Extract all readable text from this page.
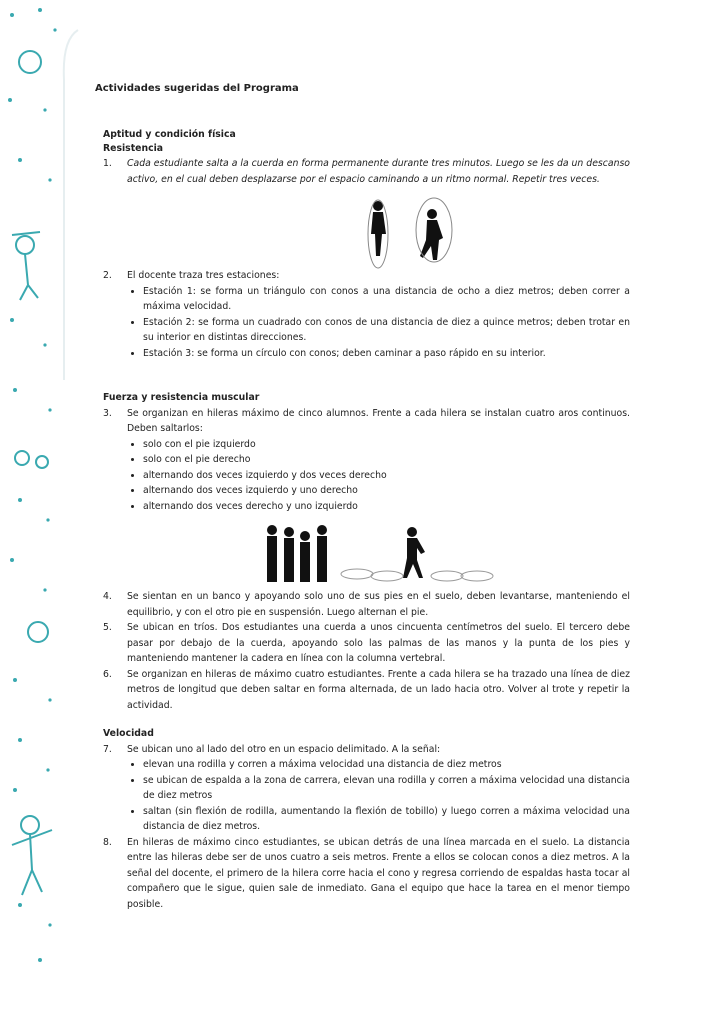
Actividades sugeridas del Programa

Aptitud y condición física

Resistencia

1.	Cada estudiante salta a la cuerda en forma permanente durante tres minutos. Luego se les da un descanso activo, en el cual deben desplazarse por el espacio caminando a un ritmo normal. Repetir tres veces.
2.	El docente traza tres estaciones:
• Estación 1: se forma un triángulo con conos a una distancia de ocho a diez metros; deben correr a máxima velocidad.
• Estación 2: se forma un cuadrado con conos de una distancia de diez a quince metros; deben trotar en su interior en distintas direcciones.
• Estación 3: se forma un círculo con conos; deben caminar a paso rápido en su interior.

Fuerza y resistencia muscular

3.	Se organizan en hileras máximo de cinco alumnos. Frente a cada hilera se instalan cuatro aros continuos. Deben saltarlos:
• solo con el pie izquierdo
• solo con el pie derecho
• alternando dos veces izquierdo y dos veces derecho
• alternando dos veces izquierdo y uno derecho
• alternando dos veces derecho y uno izquierdo
4.	Se sientan en un banco y apoyando solo uno de sus pies en el suelo, deben levantarse, manteniendo el equilibrio, y con el otro pie en suspensión. Luego alternan el pie.
5.	Se ubican en tríos. Dos estudiantes una cuerda a unos cincuenta centímetros del suelo. El tercero debe pasar por debajo de la cuerda, apoyando solo las palmas de las manos y la punta de los pies y manteniendo mantener la cadera en línea con la columna vertebral.
6.	Se organizan en hileras de máximo cuatro estudiantes. Frente a cada hilera se ha trazado una línea de diez metros de longitud que deben saltar en forma alternada, de un lado hacia otro. Volver al trote y repetir la actividad.

Velocidad

7.	Se ubican uno al lado del otro en un espacio delimitado. A la señal:
• elevan una rodilla y corren a máxima velocidad una distancia de diez metros
• se ubican de espalda a la zona de carrera, elevan una rodilla y corren a máxima velocidad una distancia de diez metros
• saltan (sin flexión de rodilla, aumentando la flexión de tobillo) y luego corren a máxima velocidad una distancia de diez metros.
8.	En hileras de máximo cinco estudiantes, se ubican detrás de una línea marcada en el suelo. La distancia entre las hileras debe ser de unos cuatro a seis metros. Frente a ellos se colocan conos a diez metros. A la señal del docente, el primero de la hilera corre hacia el cono y regresa corriendo de espaldas hasta tocar al compañero que le sigue, quien sale de inmediato. Gana el equipo que hace la tarea en el menor tiempo posible.
